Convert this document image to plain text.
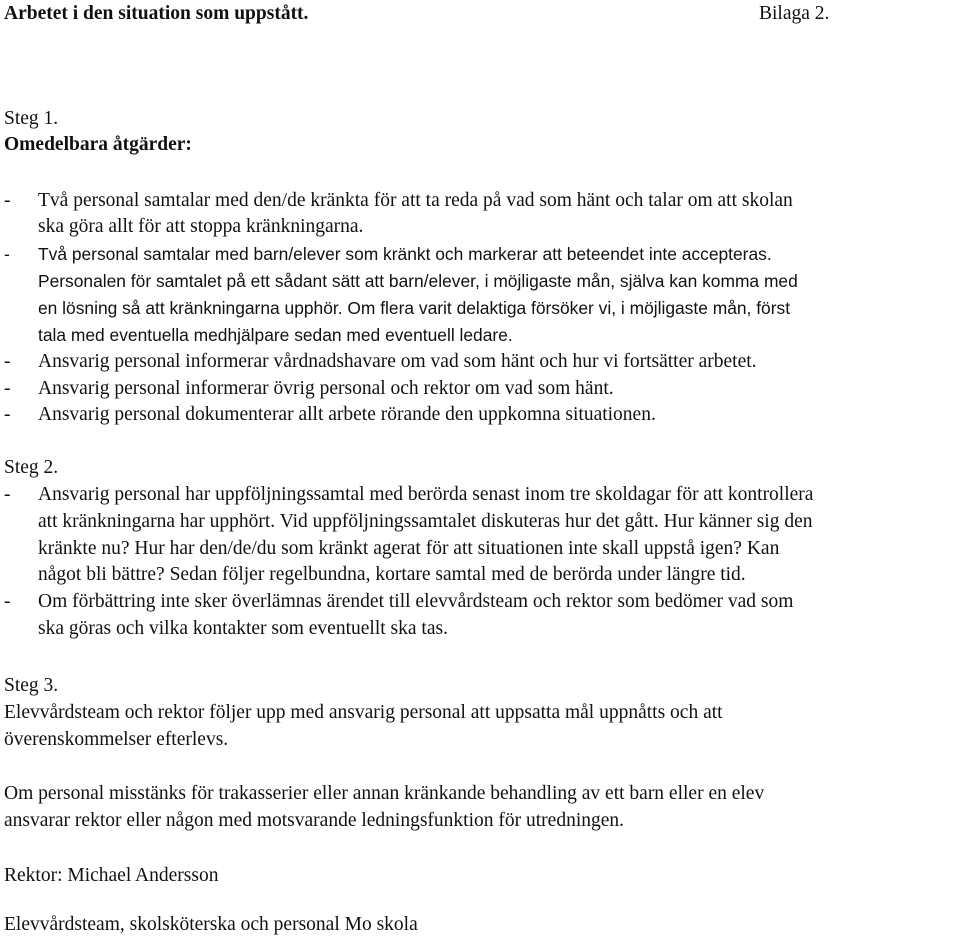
Arbetet i den situation som uppstått.	Bilaga 2.
Steg 1.
Omedelbara åtgärder:
-	Två personal samtalar med den/de kränkta för att ta reda på vad som hänt och talar om att skolan
ska göra allt för att stoppa kränkningarna.
-	Två personal samtalar med barn/elever som kränkt och markerar att beteendet inte accepteras.
Personalen för samtalet på ett sådant sätt att barn/elever, i möjligaste mån, själva kan komma med
en lösning så att kränkningarna upphör. Om flera varit delaktiga försöker vi, i möjligaste mån, först
tala med eventuella medhjälpare sedan med eventuell ledare.
-	Ansvarig personal informerar vårdnadshavare om vad som hänt och hur vi fortsätter arbetet.
-	Ansvarig personal informerar övrig personal och rektor om vad som hänt.
-	Ansvarig personal dokumenterar allt arbete rörande den uppkomna situationen.
Steg 2.
-	Ansvarig personal har uppföljningssamtal med berörda senast inom tre skoldagar för att kontrollera
att kränkningarna har upphört. Vid uppföljningssamtalet diskuteras hur det gått. Hur känner sig den
kränkte nu? Hur har den/de/du som kränkt agerat för att situationen inte skall uppstå igen? Kan
något bli bättre? Sedan följer regelbundna, kortare samtal med de berörda under längre tid.
-	Om förbättring inte sker överlämnas ärendet till elevvårdsteam och rektor som bedömer vad som
ska göras och vilka kontakter som eventuellt ska tas.
Steg 3.
Elevvårdsteam och rektor följer upp med ansvarig personal att uppsatta mål uppnåtts och att
överenskommelser efterlevs.
Om personal misstänks för trakasserier eller annan kränkande behandling av ett barn eller en elev
ansvarar rektor eller någon med motsvarande ledningsfunktion för utredningen.
Rektor: Michael Andersson
Elevvårdsteam, skolsköterska och personal Mo skola
